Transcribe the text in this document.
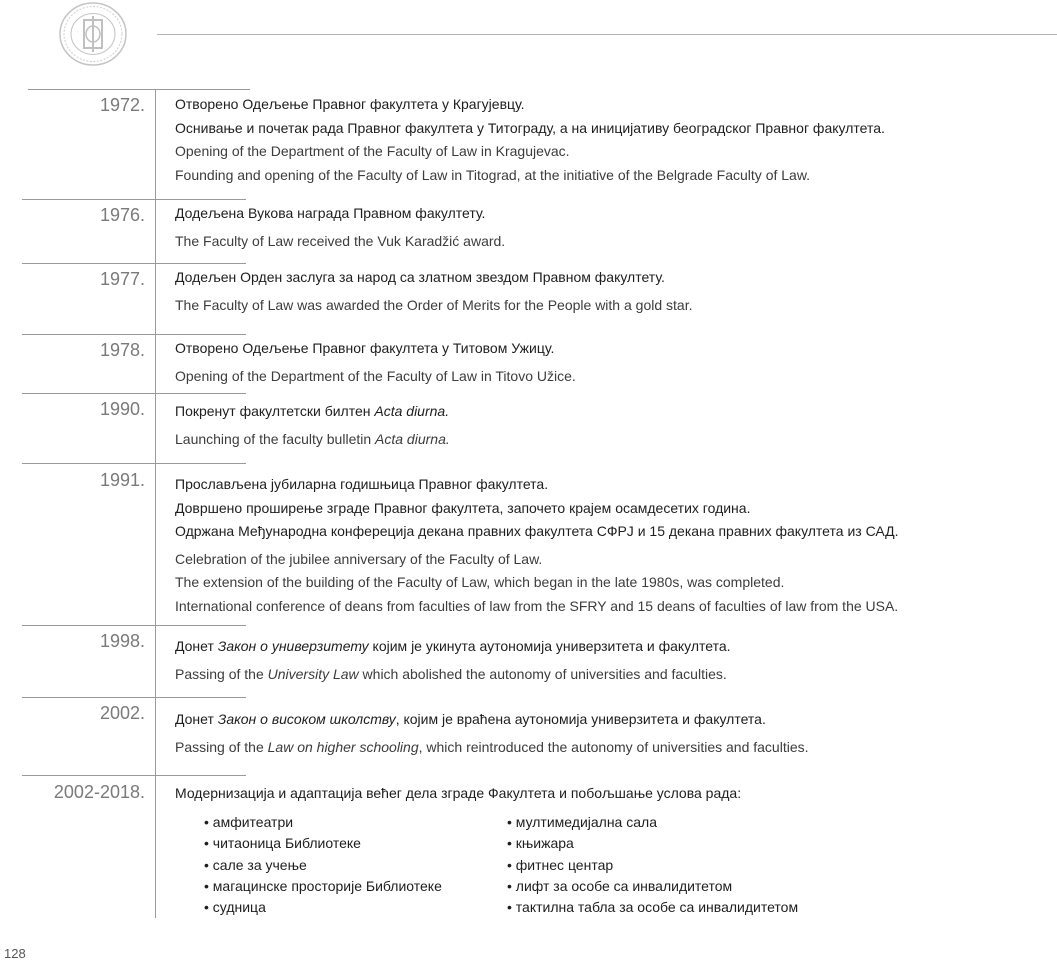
1972. Отворено Одељење Правног факултета у Крагујевцу.
Оснивање и почетак рада Правног факултета у Титограду, а на иницијативу београдског Правног факултета.
Opening of the Department of the Faculty of Law in Kragujevac.
Founding and opening of the Faculty of Law in Titograd, at the initiative of the Belgrade Faculty of Law.
1976. Додељена Вукова награда Правном факултету.
The Faculty of Law received the Vuk Karadžić award.
1977. Додељен Орден заслуга за народ са златном звездом Правном факултету.
The Faculty of Law was awarded the Order of Merits for the People with a gold star.
1978. Отворено Одељење Правног факултета у Титовом Ужицу.
Opening of the Department of the Faculty of Law in Titovo Užice.
1990. Покренут факултетски билтен Acta diurna.
Launching of the faculty bulletin Acta diurna.
1991. Прослављена јубиларна годишњица Правног факултета.
Довршено проширење зграде Правног факултета, започето крајем осамдесетих година.
Одржана Међународна конферецијa декана правних факултета СФРЈ и 15 декана правних факултета из САД.
Celebration of the jubilee anniversary of the Faculty of Law.
The extension of the building of the Faculty of Law, which began in the late 1980s, was completed.
International conference of deans from faculties of law from the SFRY and 15 deans of faculties of law from the USA.
1998. Донет Закон о универзитету којим је укинута аутономија универзитета и факултета.
Passing of the University Law which abolished the autonomy of universities and faculties.
2002. Донет Закон о високом школству, којим је враћена аутономија универзитета и факултета.
Passing of the Law on higher schooling, which reintroduced the autonomy of universities and faculties.
2002-2018. Модернизација и адаптација већег дела зграде Факултета и побољшање услова рада:
• амфитеатри
• читаоница Библиотеке
• сале за учење
• магацинске просторије Библиотеке
• судница
• мултимедијална сала
• књижара
• фитнес центар
• лифт за особе са инвалидитетом
• тактилна табла за особе са инвалидитетом
128
